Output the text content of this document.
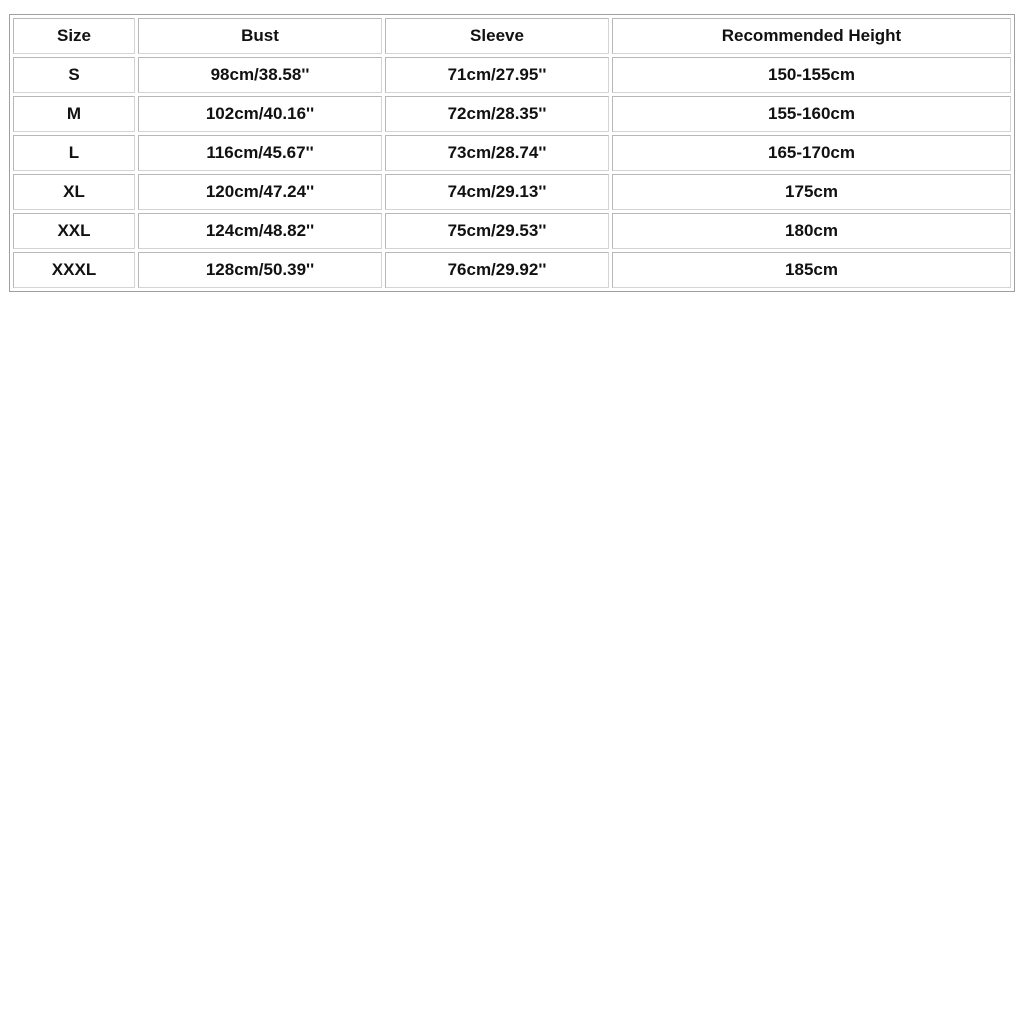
Size	Bust	Sleeve	Recommended Height
S	98cm/38.58''	71cm/27.95''	150-155cm
M	102cm/40.16''	72cm/28.35''	155-160cm
L	116cm/45.67''	73cm/28.74''	165-170cm
XL	120cm/47.24''	74cm/29.13''	175cm
XXL	124cm/48.82''	75cm/29.53''	180cm
XXXL	128cm/50.39''	76cm/29.92''	185cm
